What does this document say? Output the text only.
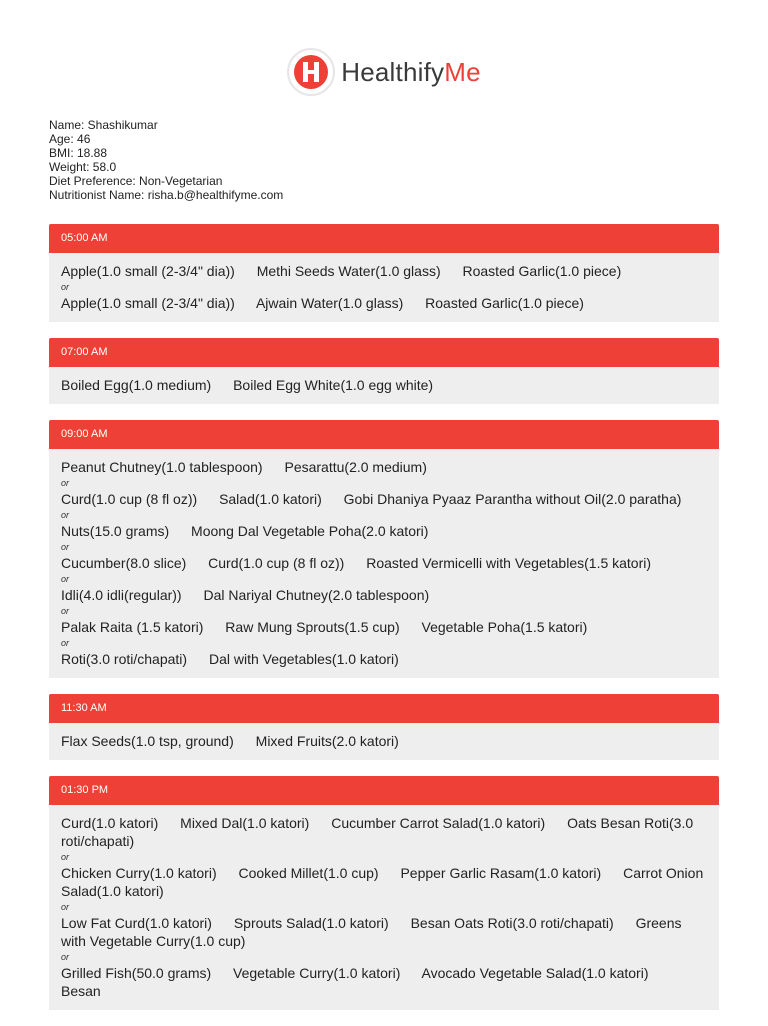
HealthifyMe
Name: Shashikumar
Age: 46
BMI: 18.88
Weight: 58.0
Diet Preference: Non-Vegetarian
Nutritionist Name: risha.b@healthifyme.com
05:00 AM
Apple(1.0 small (2-3/4" dia)) Methi Seeds Water(1.0 glass) Roasted Garlic(1.0 piece)
or
Apple(1.0 small (2-3/4" dia)) Ajwain Water(1.0 glass) Roasted Garlic(1.0 piece)
07:00 AM
Boiled Egg(1.0 medium) Boiled Egg White(1.0 egg white)
09:00 AM
Peanut Chutney(1.0 tablespoon) Pesarattu(2.0 medium)
or
Curd(1.0 cup (8 fl oz)) Salad(1.0 katori) Gobi Dhaniya Pyaaz Parantha without Oil(2.0 paratha)
or
Nuts(15.0 grams) Moong Dal Vegetable Poha(2.0 katori)
or
Cucumber(8.0 slice) Curd(1.0 cup (8 fl oz)) Roasted Vermicelli with Vegetables(1.5 katori)
or
Idli(4.0 idli(regular)) Dal Nariyal Chutney(2.0 tablespoon)
or
Palak Raita (1.5 katori) Raw Mung Sprouts(1.5 cup) Vegetable Poha(1.5 katori)
or
Roti(3.0 roti/chapati) Dal with Vegetables(1.0 katori)
11:30 AM
Flax Seeds(1.0 tsp, ground) Mixed Fruits(2.0 katori)
01:30 PM
Curd(1.0 katori) Mixed Dal(1.0 katori) Cucumber Carrot Salad(1.0 katori) Oats Besan Roti(3.0 roti/chapati)
or
Chicken Curry(1.0 katori) Cooked Millet(1.0 cup) Pepper Garlic Rasam(1.0 katori) Carrot Onion Salad(1.0 katori)
or
Low Fat Curd(1.0 katori) Sprouts Salad(1.0 katori) Besan Oats Roti(3.0 roti/chapati) Greens with Vegetable Curry(1.0 cup)
or
Grilled Fish(50.0 grams) Vegetable Curry(1.0 katori) Avocado Vegetable Salad(1.0 katori) Besan
